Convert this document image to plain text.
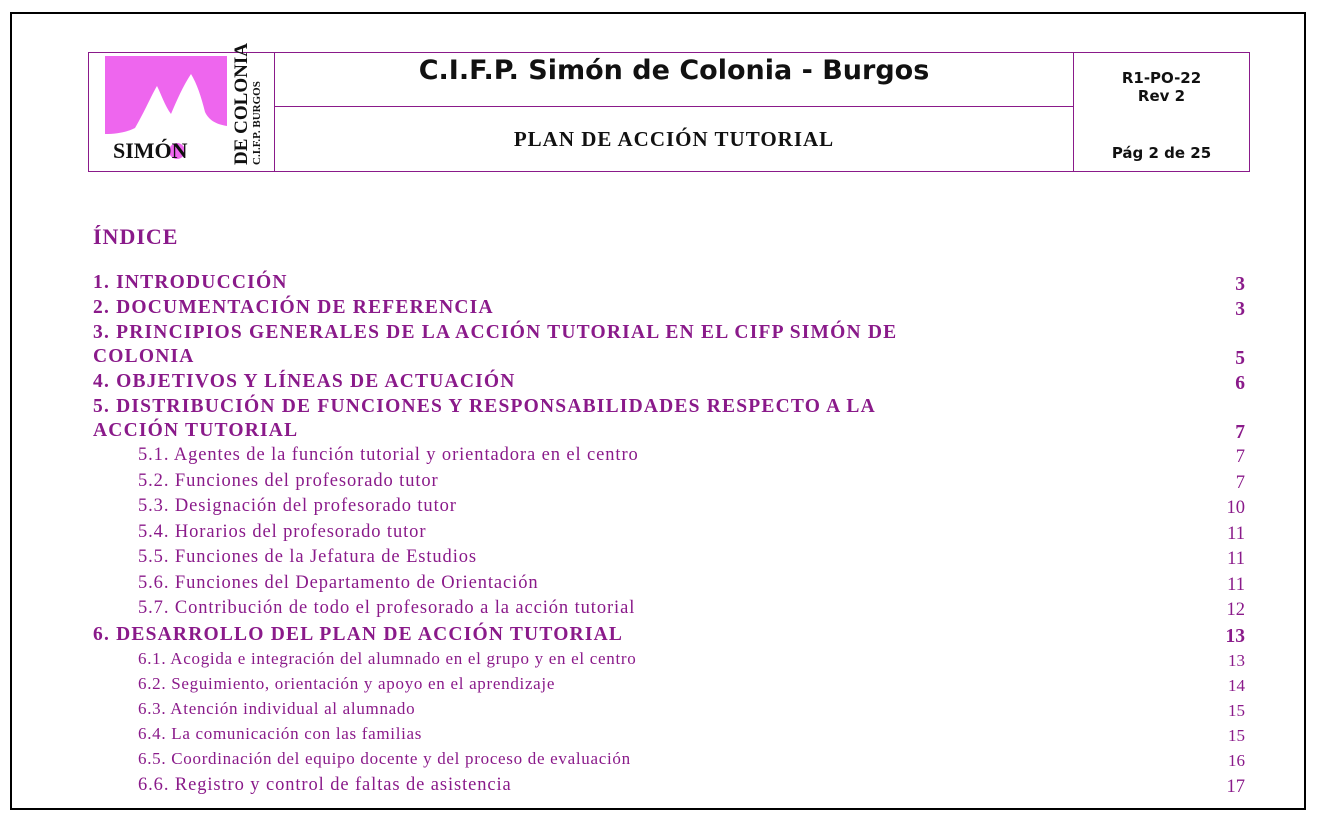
SIMÓN DE COLONIA C.I.F.P. BURGOS
C.I.F.P. Simón de Colonia - Burgos
PLAN DE ACCIÓN TUTORIAL
R1-PO-22
Rev 2
Pág 2 de 25
ÍNDICE
1. INTRODUCCIÓN	3
2. DOCUMENTACIÓN DE REFERENCIA	3
3. PRINCIPIOS GENERALES DE LA ACCIÓN TUTORIAL EN EL CIFP SIMÓN DE
COLONIA	5
4. OBJETIVOS Y LÍNEAS DE ACTUACIÓN	6
5. DISTRIBUCIÓN DE FUNCIONES Y RESPONSABILIDADES RESPECTO A LA
ACCIÓN TUTORIAL	7
5.1. Agentes de la función tutorial y orientadora en el centro	7
5.2. Funciones del profesorado tutor	7
5.3. Designación del profesorado tutor	10
5.4. Horarios del profesorado tutor	11
5.5. Funciones de la Jefatura de Estudios	11
5.6. Funciones del Departamento de Orientación	11
5.7. Contribución de todo el profesorado a la acción tutorial	12
6. DESARROLLO DEL PLAN DE ACCIÓN TUTORIAL	13
6.1. Acogida e integración del alumnado en el grupo y en el centro	13
6.2. Seguimiento, orientación y apoyo en el aprendizaje	14
6.3. Atención individual al alumnado	15
6.4. La comunicación con las familias	15
6.5. Coordinación del equipo docente y del proceso de evaluación	16
6.6. Registro y control de faltas de asistencia	17
